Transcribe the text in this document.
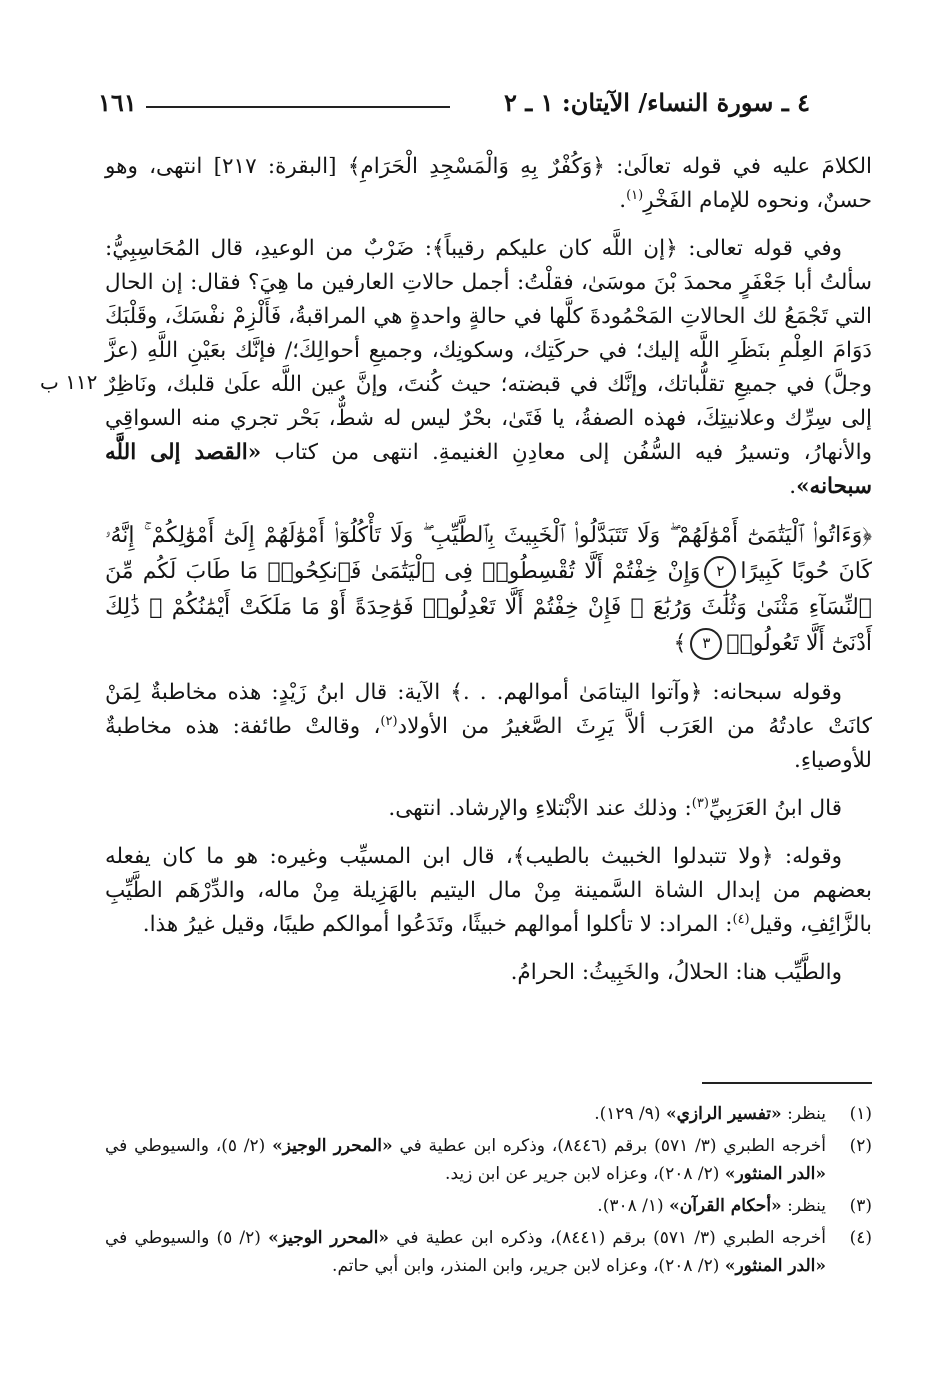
٤ ـ سورة النساء/ الآيتان: ١ ـ ٢
١٦١
١١٢ ب

الكلامَ عليه في قوله تعالَىٰ: ﴿وَكُفْرٌ بِهِ وَالْمَسْجِدِ الْحَرَامِ﴾ [البقرة: ٢١٧] انتهى، وهو حسنٌ، ونحوه للإمام الفَخْرِ$^{(١)}$.

وفي قوله تعالى: ﴿إن اللَّه كان عليكم رقيباً﴾: ضَرْبٌ من الوعيدِ، قال المُحَاسِبِيُّ: سألتُ أبا جَعْفَرٍ محمدَ بْنَ موسَىٰ، فقلْتُ: أجمل حالاتِ العارفين ما هِيَ؟ فقال: إن الحال التي تَجْمَعُ لك الحالاتِ المَحْمُودةَ كلَّها في حالةٍ واحدةٍ هي المراقبةُ، فَأَلْزِمْ نفْسَكَ، وقَلْبَكَ دَوَامَ العِلْمِ بنَظَرِ اللَّه إليك؛ في حركَتِك، وسكونِك، وجميعِ أحوالِكَ؛/ فإنَّك بعَيْنِ اللَّهِ (عزَّ وجلَّ) في جميعِ تقلُّباتك، وإنَّك في قبضته؛ حيث كُنتَ، وإنَّ عين اللَّه علَىٰ قلبك، ونَاظِرٌ إلى سِرِّك وعلانيتِكَ، فهذه الصفةُ، يا فَتَىٰ، بحْرٌ ليس له شطٌّ، بَحْر تجري منه السواقِي والأنهارُ، وتسيرُ فيه السُّفُن إلى معادِنِ الغنيمةِ. انتهى من كتاب «القصد إلى اللَّه سبحانه».

﴿وَءَاتُوا۟ ٱلْيَتَٰمَىٰٓ أَمْوَٰلَهُمْ ۖ وَلَا تَتَبَدَّلُوا۟ ٱلْخَبِيثَ بِٱلطَّيِّبِ ۖ وَلَا تَأْكُلُوٓا۟ أَمْوَٰلَهُمْ إِلَىٰٓ أَمْوَٰلِكُمْ ۚ إِنَّهُۥ كَانَ حُوبًا كَبِيرًا٢وَإِنْ خِفْتُمْ أَلَّا تُقْسِطُوا۟ فِى ٱلْيَتَٰمَىٰ فَٱنكِحُوا۟ مَا طَابَ لَكُم مِّنَ ٱلنِّسَآءِ مَثْنَىٰ وَثُلَٰثَ وَرُبَٰعَ ۖ فَإِنْ خِفْتُمْ أَلَّا تَعْدِلُوا۟ فَوَٰحِدَةً أَوْ مَا مَلَكَتْ أَيْمَٰنُكُمْ ۚ ذَٰلِكَ أَدْنَىٰٓ أَلَّا تَعُولُوا۟٣﴾

وقوله سبحانه: ﴿وآتوا اليتامَىٰ أموالهم. . .﴾ الآية: قال ابنُ زَيْدٍ: هذه مخاطبةٌ لِمَنْ كانَتْ عادتُهُ من العَرَب ألاَّ يَرِثَ الصَّغيرُ من الأولاد$^{(٢)}$، وقالتْ طائفة: هذه مخاطبةٌ للأوصياءِ.

قال ابنُ العَرَبِيِّ$^{(٣)}$: وذلك عند الاْبْتلاءِ والإرشاد. انتهى.

وقوله: ﴿ولا تتبدلوا الخبيث بالطيب﴾، قال ابن المسيِّب وغيره: هو ما كان يفعله بعضهم من إبدال الشاة السَّمينة مِنْ مال اليتيم بالهَزِيلة مِنْ ماله، والدِّرْهَم الطَّيِّبِ بالزَّائِفِ، وقيل$^{(٤)}$: المراد: لا تأكلوا أموالهم خبيثًا، وتَدَعُوا أموالكم طيبًا، وقيل غيرُ هذا.

والطَّيِّب هنا: الحلالُ، والخَبِيثُ: الحرامُ.

(١)
ينظر: «تفسير الرازي» (٩/ ١٢٩).
(٢)
أخرجه الطبري (٣/ ٥٧١) برقم (٨٤٤٦)، وذكره ابن عطية في «المحرر الوجيز» (٢/ ٥)، والسيوطي في «الدر المنثور» (٢/ ٢٠٨)، وعزاه لابن جرير عن ابن زيد.
(٣)
ينظر: «أحكام القرآن» (١/ ٣٠٨).
(٤)
أخرجه الطبري (٣/ ٥٧١) برقم (٨٤٤١)، وذكره ابن عطية في «المحرر الوجيز» (٢/ ٥) والسيوطي في «الدر المنثور» (٢/ ٢٠٨)، وعزاه لابن جرير، وابن المنذر، وابن أبي حاتم.
